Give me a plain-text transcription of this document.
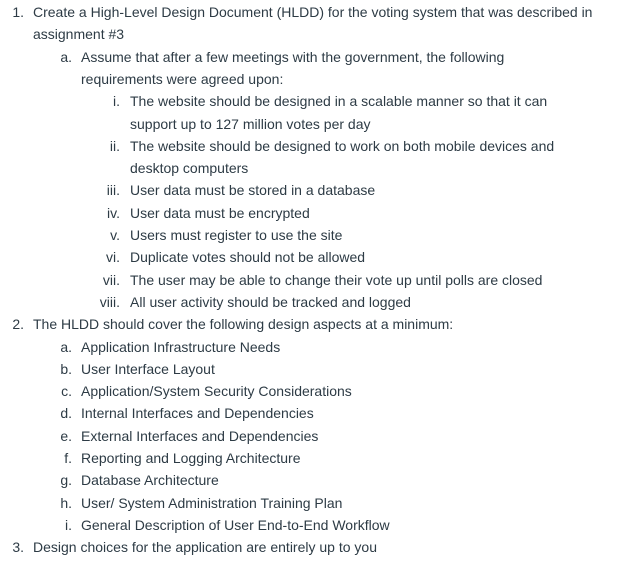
1. Create a High-Level Design Document (HLDD) for the voting system that was described in
assignment #3
a. Assume that after a few meetings with the government, the following
requirements were agreed upon:
i. The website should be designed in a scalable manner so that it can
support up to 127 million votes per day
ii. The website should be designed to work on both mobile devices and
desktop computers
iii. User data must be stored in a database
iv. User data must be encrypted
v. Users must register to use the site
vi. Duplicate votes should not be allowed
vii. The user may be able to change their vote up until polls are closed
viii. All user activity should be tracked and logged
2. The HLDD should cover the following design aspects at a minimum:
a. Application Infrastructure Needs
b. User Interface Layout
c. Application/System Security Considerations
d. Internal Interfaces and Dependencies
e. External Interfaces and Dependencies
f. Reporting and Logging Architecture
g. Database Architecture
h. User/ System Administration Training Plan
i. General Description of User End-to-End Workflow
3. Design choices for the application are entirely up to you
